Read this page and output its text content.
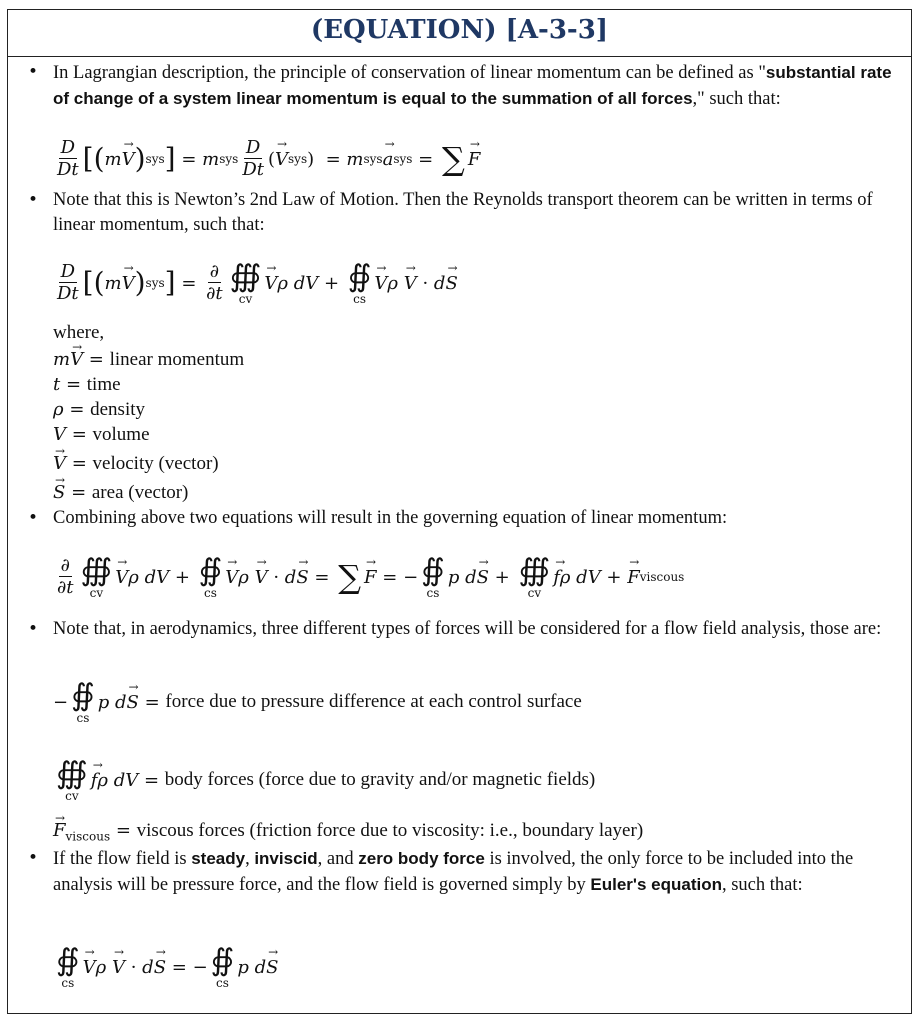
(EQUATION) [A-3-3]
• In Lagrangian description, the principle of conservation of linear momentum can be defined as "substantial rate of change of a system linear momentum is equal to the summation of all forces," such that:
$\frac{D}{Dt}$ [( m → V ) sys ] = m sys $\frac{D}{Dt}$ ( → V sys )  = m sys → a sys = ∑ → F
• Note that this is Newton’s 2nd Law of Motion. Then the Reynolds transport theorem can be written in terms of linear momentum, such that:
$\frac{D}{Dt}$ [( m → V ) sys ] = $\frac{\partial}{\partial t}$ ∰
cv
→ V ρ dV + ∯
cs
→ V ρ
→ V · d → S
where,
m→ V = linear momentum
t = time
ρ = density
V = volume
→ V = velocity (vector)
→ S = area (vector)
• Combining above two equations will result in the governing equation of linear momentum:
$\frac{\partial}{\partial t}$ ∰
cv
→ V ρ dV + ∯
cs
→ V ρ
→ V · d → S = ∑ → F = − ∯
cs
p d → S + ∰
cv
→ f ρ dV + → F viscous
• Note that, in aerodynamics, three different types of forces will be considered for a flow field analysis, those are:
− ∯
cs
p d → S = force due to pressure difference at each control surface
∰
cv
→ f ρ dV = body forces (force due to gravity and/or magnetic fields)
→ $F_{viscous}$ = viscous forces (friction force due to viscosity: i.e., boundary layer)
• If the flow field is steady, inviscid, and zero body force is involved, the only force to be included into the analysis will be pressure force, and the flow field is governed simply by Euler's equation, such that:
∯
cs
→ V ρ
→ V · d → S = − ∯
cs
p d → S
